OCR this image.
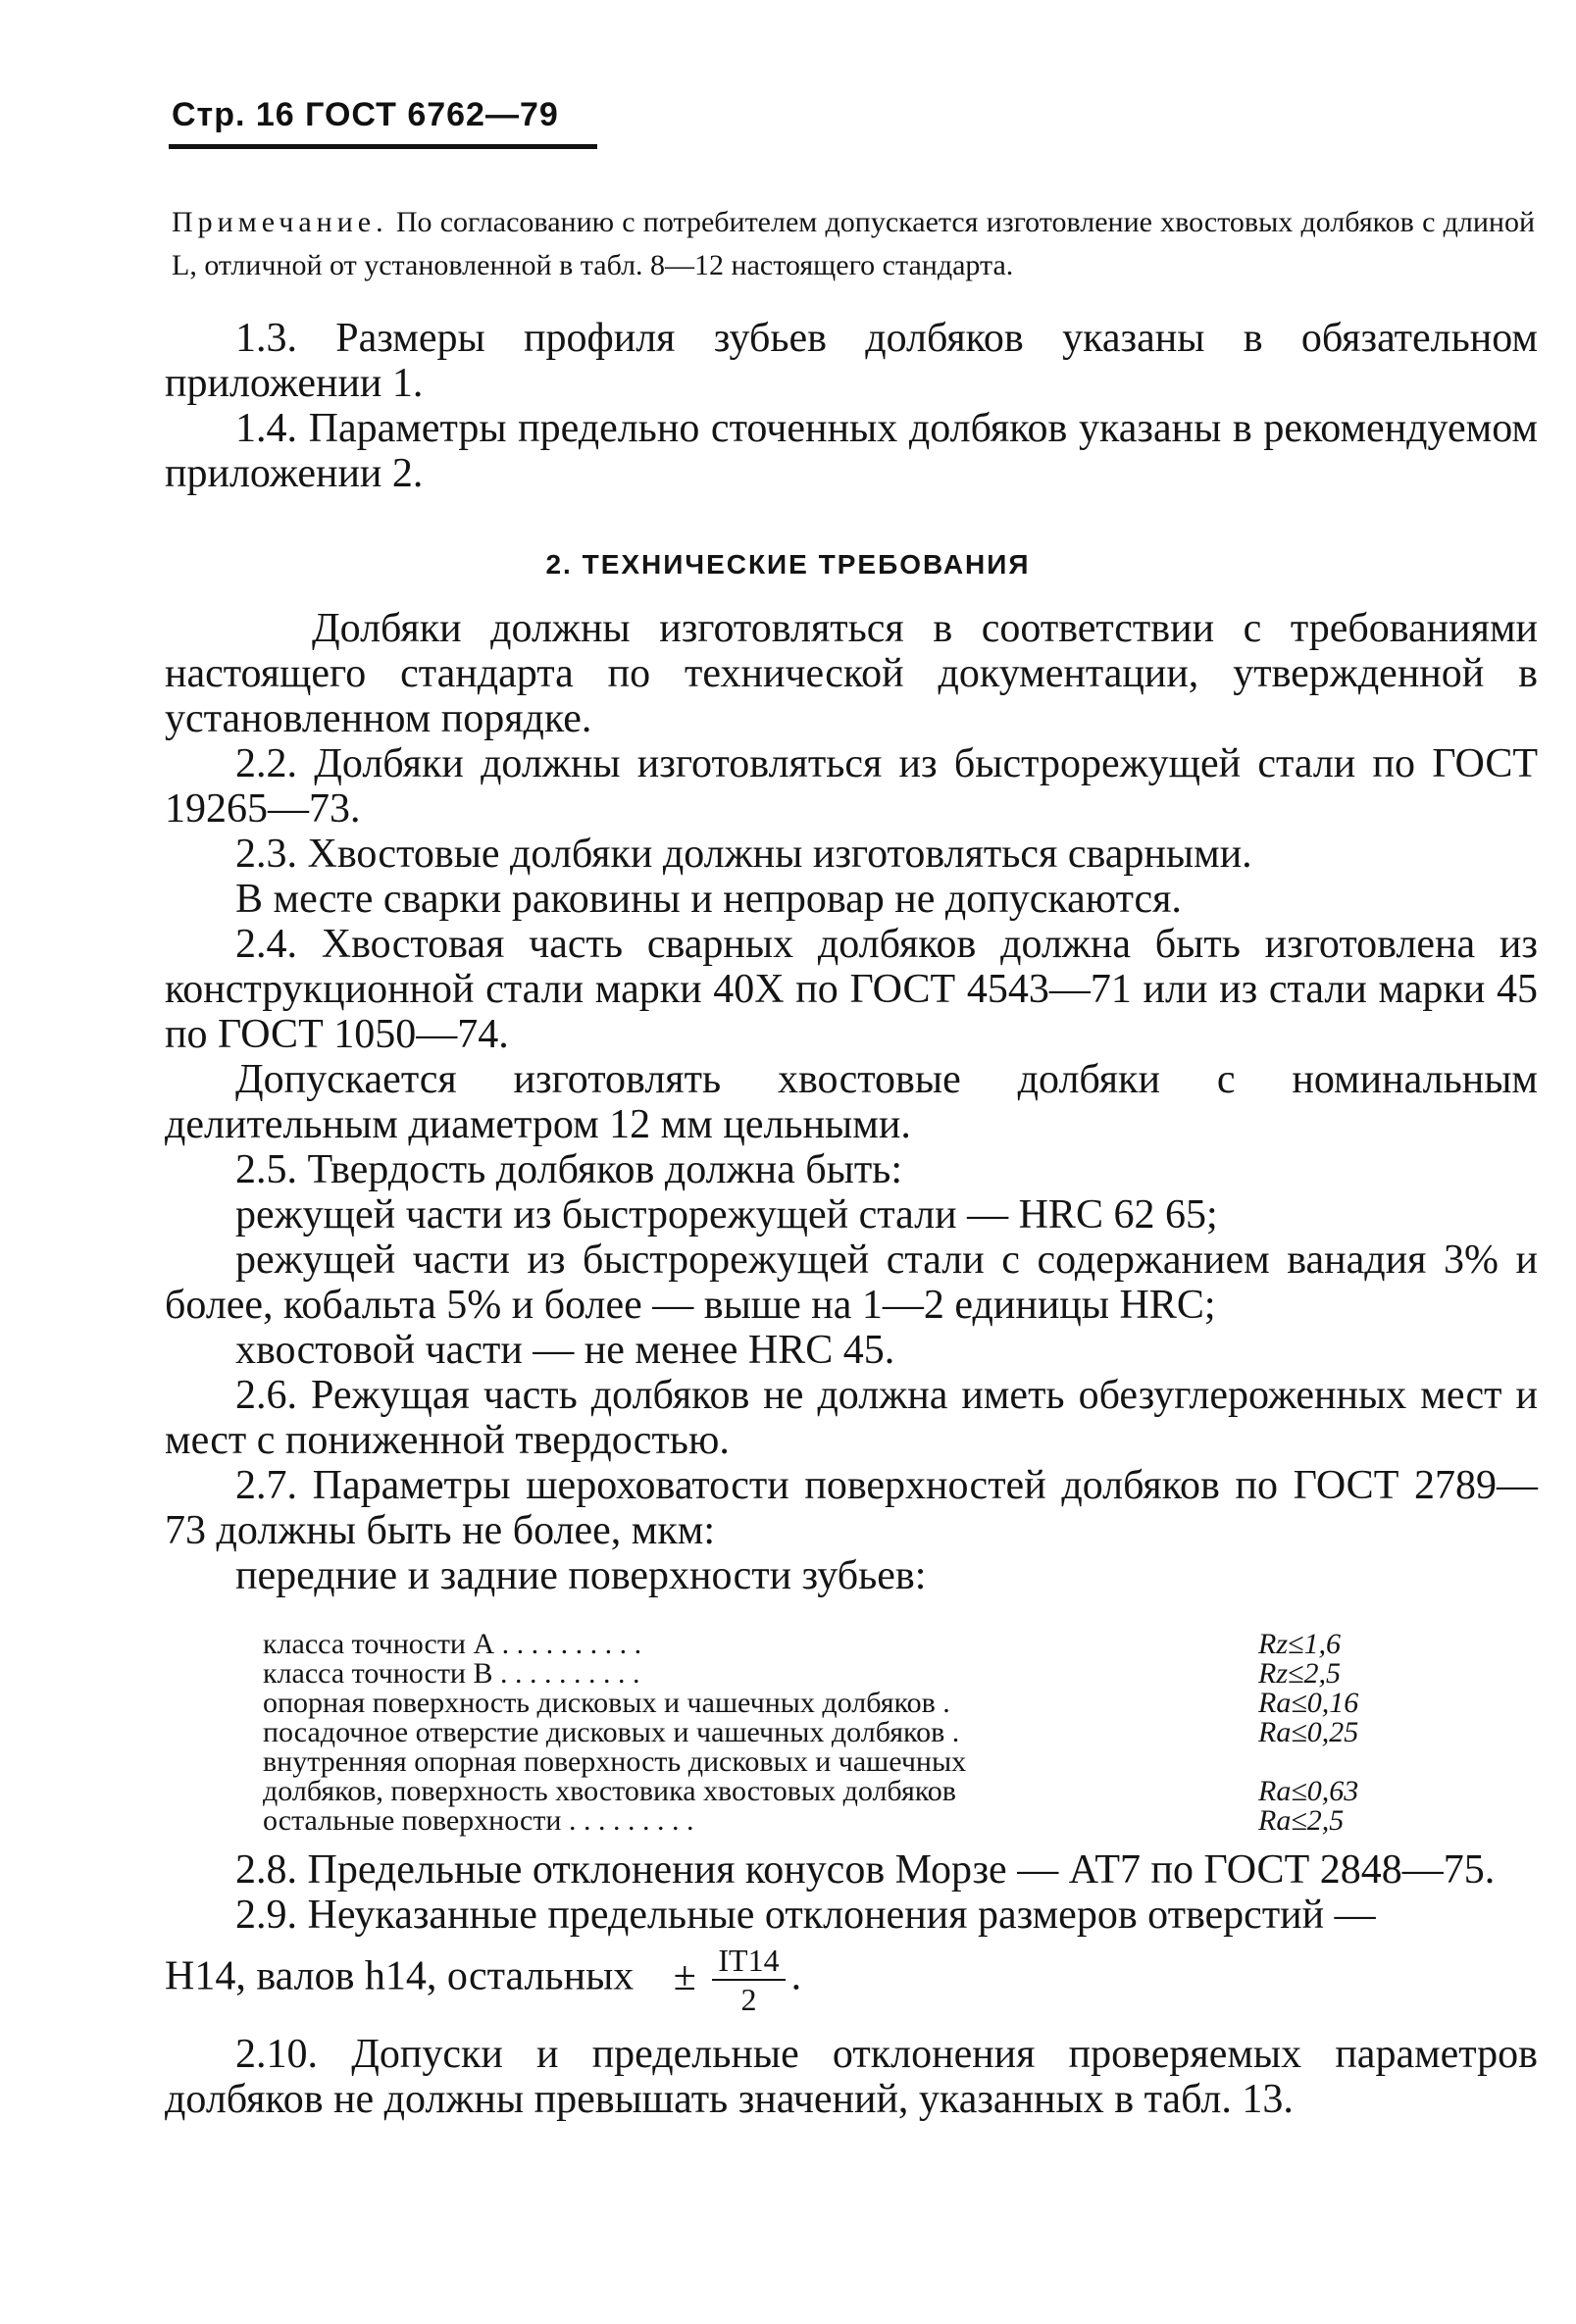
Стр. 16 ГОСТ 6762—79
Примечание. По согласованию с потребителем допускается изготовление хвостовых долбяков с длиной L, отличной от установленной в табл. 8—12 настоящего стандарта.

1.3. Размеры профиля зубьев долбяков указаны в обязательном приложении 1.

1.4. Параметры предельно сточенных долбяков указаны в рекомендуемом приложении 2.

2. ТЕХНИЧЕСКИЕ ТРЕБОВАНИЯ

Долбяки должны изготовляться в соответствии с требованиями настоящего стандарта по технической документации, утвержденной в установленном порядке.

2.2. Долбяки должны изготовляться из быстрорежущей стали по ГОСТ 19265—73.

2.3. Хвостовые долбяки должны изготовляться сварными.

В месте сварки раковины и непровар не допускаются.

2.4. Хвостовая часть сварных долбяков должна быть изготовлена из конструкционной стали марки 40Х по ГОСТ 4543—71 или из стали марки 45 по ГОСТ 1050—74.

Допускается изготовлять хвостовые долбяки с номинальным делительным диаметром 12 мм цельными.

2.5. Твердость долбяков должна быть:

режущей части из быстрорежущей стали — HRC 62 65;

режущей части из быстрорежущей стали с содержанием ванадия 3% и более, кобальта 5% и более — выше на 1—2 единицы HRC;

хвостовой части — не менее HRC 45.

2.6. Режущая часть долбяков не должна иметь обезуглероженных мест и мест с пониженной твердостью.

2.7. Параметры шероховатости поверхностей долбяков по ГОСТ 2789—73 должны быть не более, мкм:

передние и задние поверхности зубьев:

класса точности А . . . . . . . . . .	Rz≤1,6
класса точности В . . . . . . . . . .	Rz≤2,5
опорная поверхность дисковых и чашечных долбяков .	Ra≤0,16
посадочное отверстие дисковых и чашечных долбяков .	Ra≤0,25
внутренняя опорная поверхность дисковых и чашечных
долбяков, поверхность хвостовика хвостовых долбяков	Ra≤0,63
остальные поверхности . . . . . . . . .	Ra≤2,5

2.8. Предельные отклонения конусов Морзе — АТ7 по ГОСТ 2848—75.

2.9. Неуказанные предельные отклонения размеров отверстий —

H14, валов h14, остальных ± $\frac{IT14}{2}$ .

2.10. Допуски и предельные отклонения проверяемых параметров долбяков не должны превышать значений, указанных в табл. 13.
